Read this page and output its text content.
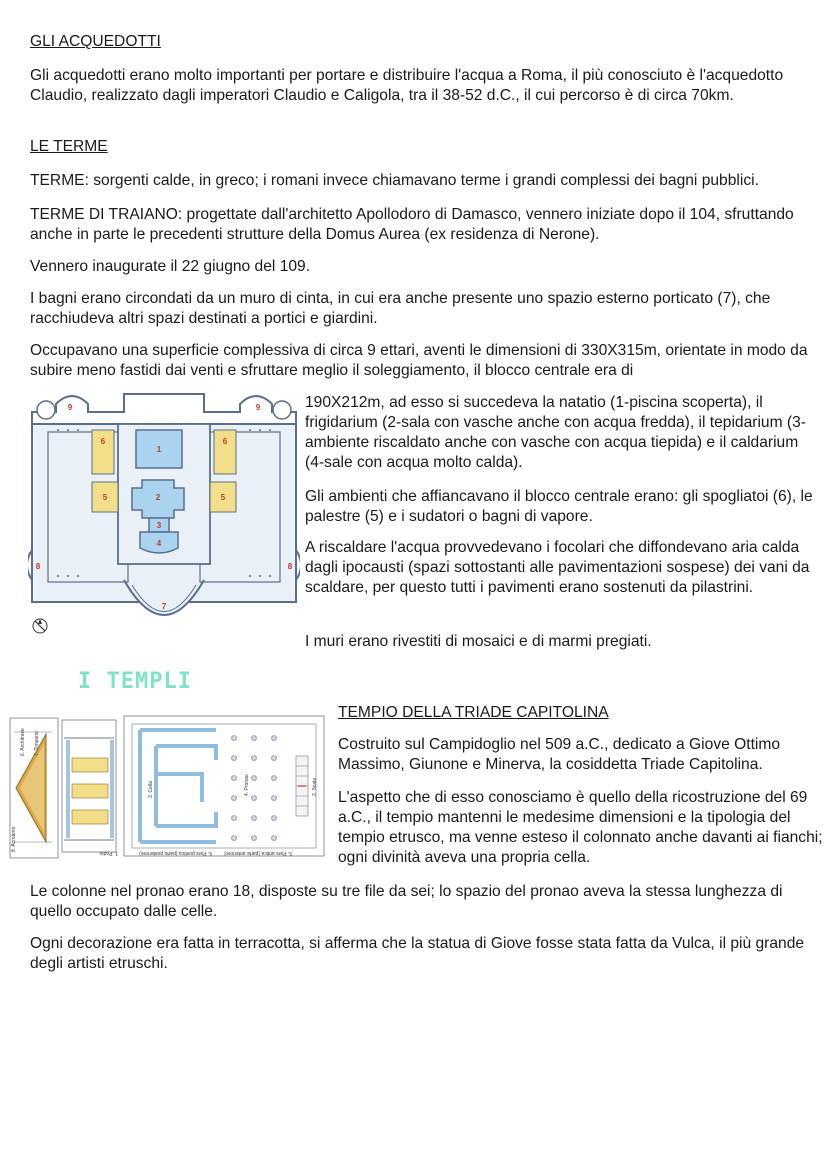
GLI ACQUEDOTTI
Gli acquedotti erano molto importanti per portare e distribuire l'acqua a Roma, il più conosciuto è l'acquedotto Claudio, realizzato dagli imperatori Claudio e Caligola, tra il 38-52 d.C., il cui percorso è di circa 70km.
LE TERME
TERME: sorgenti calde, in greco; i romani invece chiamavano terme i grandi complessi dei bagni pubblici.
TERME DI TRAIANO: progettate dall'architetto Apollodoro di Damasco, vennero iniziate dopo il 104, sfruttando anche in parte le precedenti strutture della Domus Aurea (ex residenza di Nerone).
Vennero inaugurate il 22 giugno del 109.
I bagni erano circondati da un muro di cinta, in cui era anche presente uno spazio esterno porticato (7), che racchiudeva altri spazi destinati a portici e giardini.
Occupavano una superficie complessiva di circa 9 ettari, aventi le dimensioni di 330X315m, orientate in modo da subire meno fastidi dai venti e sfruttare meglio il soleggiamento, il blocco centrale era di
1
2
3
4
5	5
6	6
7
8	8
9	9	190X212m, ad esso si succedeva la natatio (1-piscina scoperta), il frigidarium (2-sala con vasche anche con acqua fredda), il tepidarium (3-ambiente riscaldato anche con vasche con acqua tiepida) e il caldarium (4-sale con acqua molto calda).
Gli ambienti che affiancavano il blocco centrale erano: gli spogliatoi (6), le palestre (5) e i sudatori o bagni di vapore.
A riscaldare l'acqua provvedevano i focolari che diffondevano aria calda dagli ipocausti (spazi sottostanti alle pavimentazioni sospese) dei vani da scaldare, per questo tutti i pavimenti erano sostenuti da pilastrini.
I muri erano rivestiti di mosaici e di marmi pregiati.
I TEMPLI
8. Acroterio
7. Timpano
6. Architrave
3. Cella	4. Pronao	2. Scala
1. Podio	5. Pars antica (parte anteriore)
6. Pars postica (parte posteriore)
TEMPIO DELLA TRIADE CAPITOLINA
Costruito sul Campidoglio nel 509 a.C., dedicato a Giove Ottimo Massimo, Giunone e Minerva, la cosiddetta Triade Capitolina.
L'aspetto che di esso conosciamo è quello della ricostruzione del 69 a.C., il tempio mantenni le medesime dimensioni e la tipologia del tempio etrusco, ma venne esteso il colonnato anche davanti ai fianchi; ogni divinità aveva una propria cella.
Le colonne nel pronao erano 18, disposte su tre file da sei; lo spazio del pronao aveva la stessa lunghezza di quello occupato dalle celle.
Ogni decorazione era fatta in terracotta, si afferma che la statua di Giove fosse stata fatta da Vulca, il più grande degli artisti etruschi.
